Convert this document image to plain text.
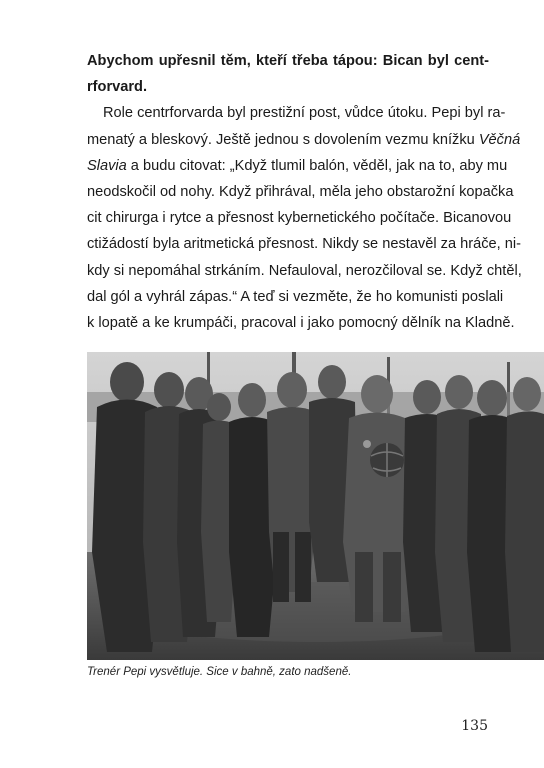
Abychom upřesnil těm, kteří třeba tápou: Bican byl cent-
rforvard.
Role centrforvarda byl prestižní post, vůdce útoku. Pepi byl ra-
menatý a bleskový. Ještě jednou s dovolením vezmu knížku Věčná
Slavia a budu citovat: „Když tlumil balón, věděl, jak na to, aby mu
neodskočil od nohy. Když přihrával, měla jeho obstarožní kopačka
cit chirurga i rytce a přesnost kybernetického počítače. Bicanovou
ctižádostí byla aritmetická přesnost. Nikdy se nestavěl za hráče, ni-
kdy si nepomáhal strkáním. Nefauloval, nerozčiloval se. Když chtěl,
dal gól a vyhrál zápas.“ A teď si vezměte, že ho komunisti poslali
k lopatě a ke krumpáči, pracoval i jako pomocný dělník na Kladně.
Trenér Pepi vysvětluje. Sice v bahně, zato nadšeně.
135
